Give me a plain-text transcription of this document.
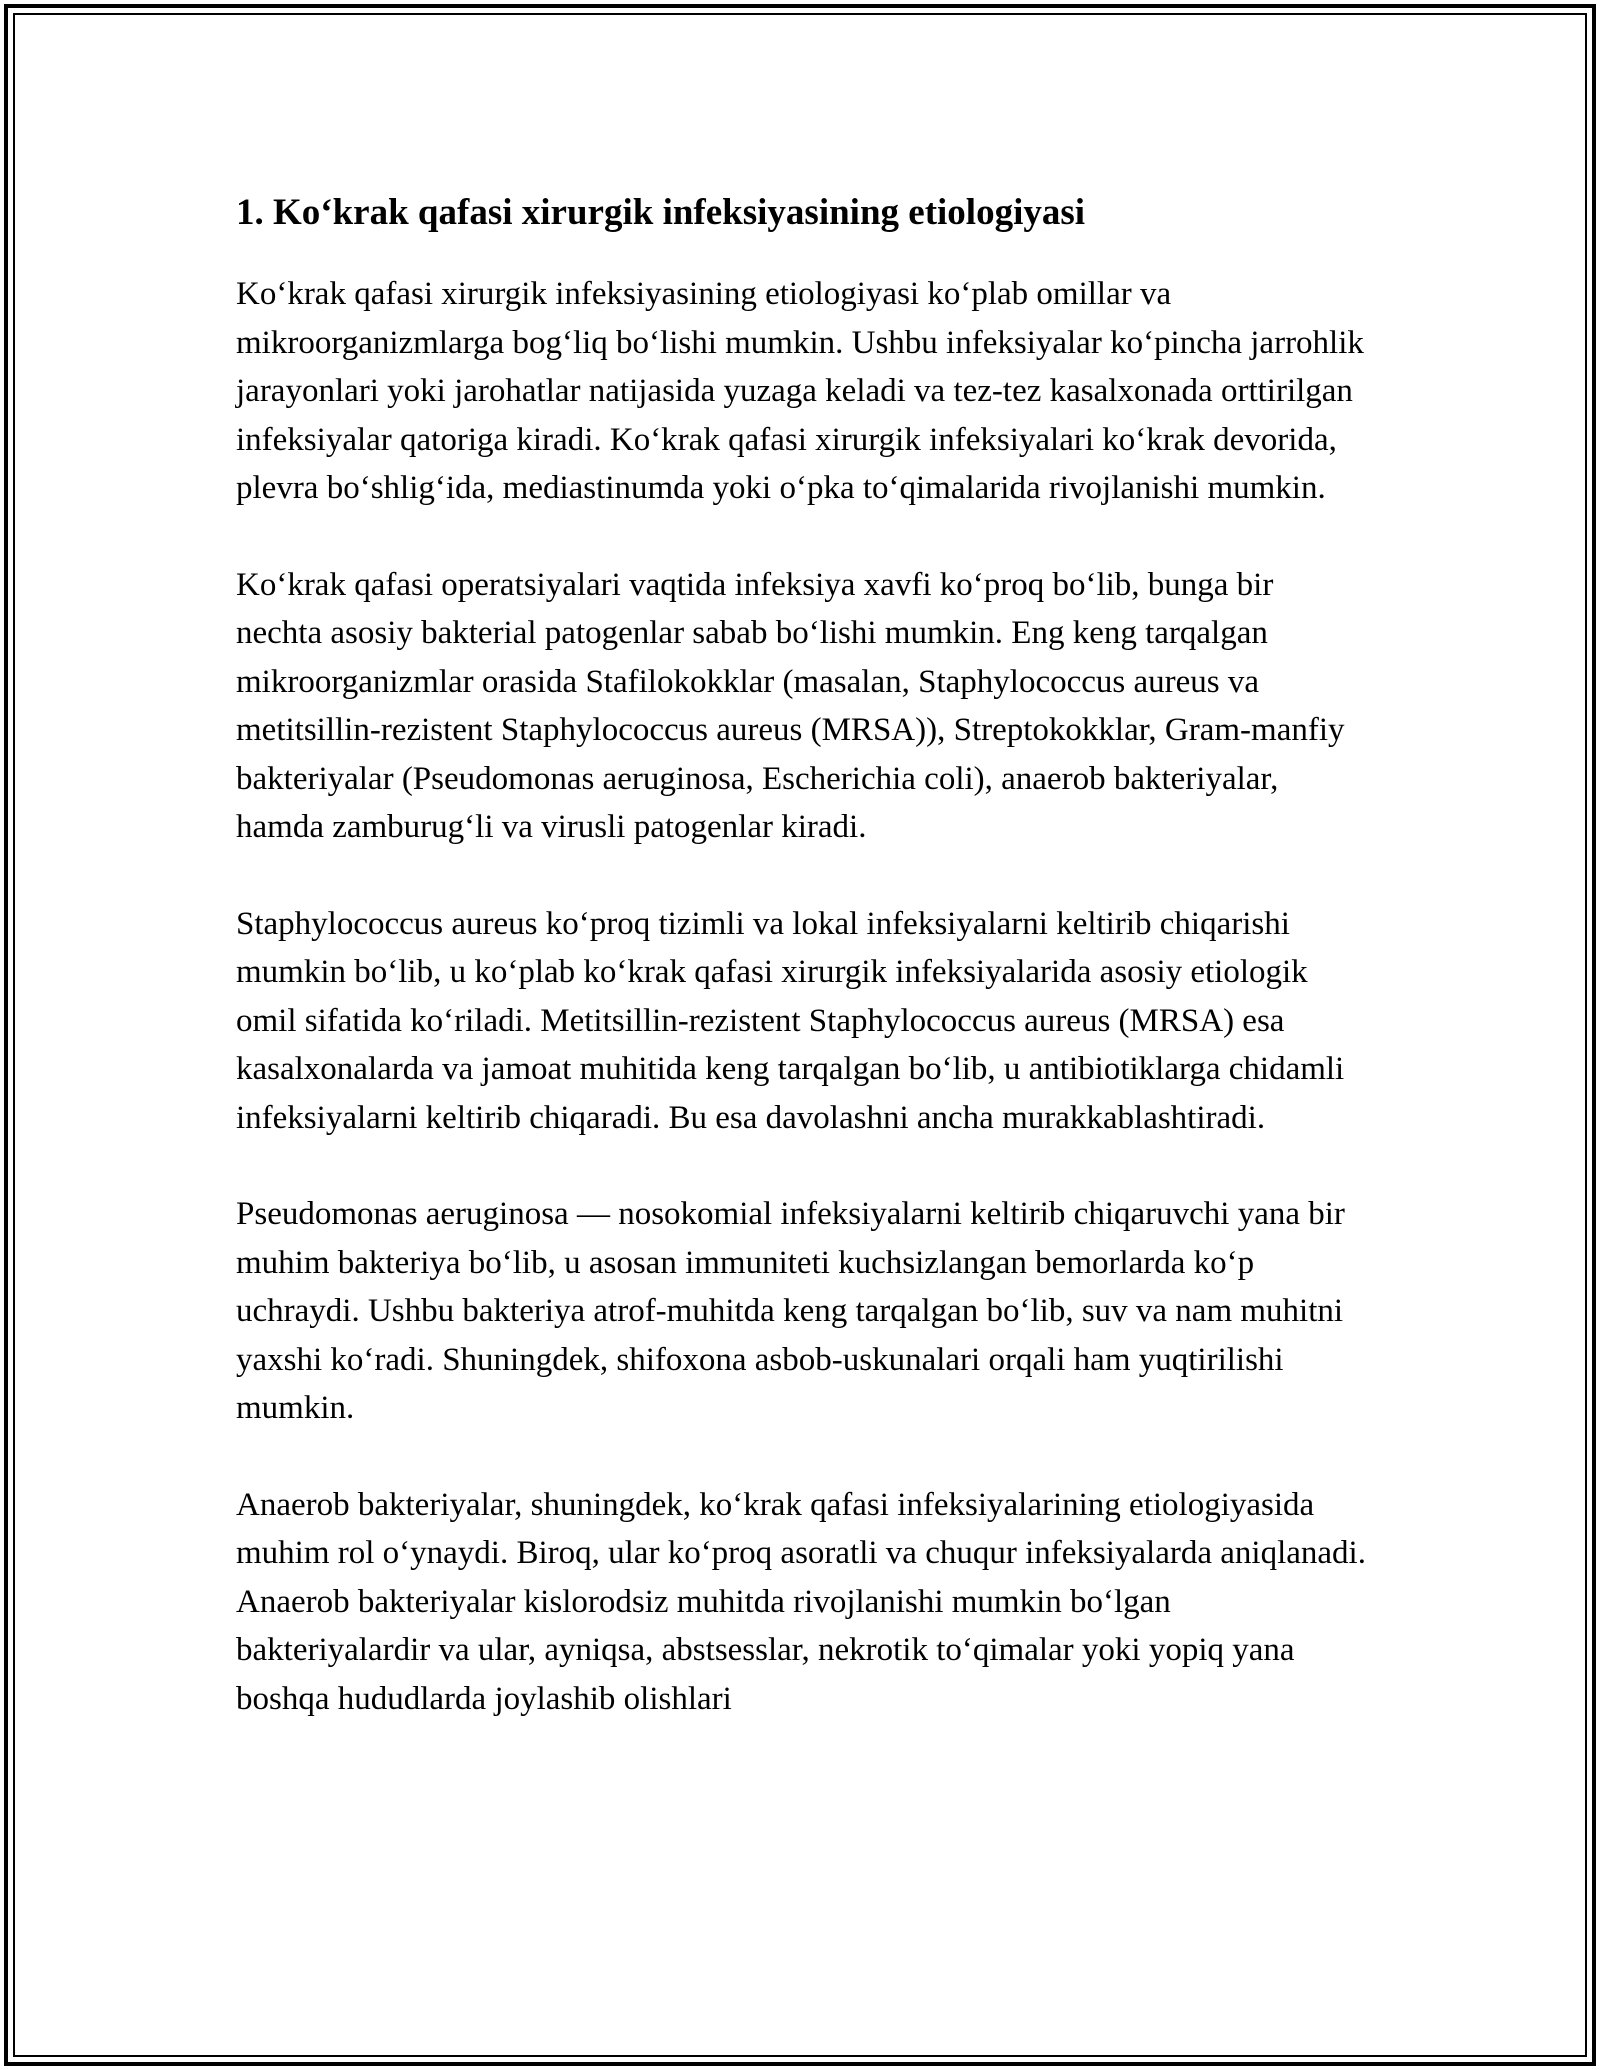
1. Ko‘krak qafasi xirurgik infeksiyasining etiologiyasi

Ko‘krak qafasi xirurgik infeksiyasining etiologiyasi ko‘plab omillar va mikroorganizmlarga bog‘liq bo‘lishi mumkin. Ushbu infeksiyalar ko‘pincha jarrohlik jarayonlari yoki jarohatlar natijasida yuzaga keladi va tez-tez kasalxonada orttirilgan infeksiyalar qatoriga kiradi. Ko‘krak qafasi xirurgik infeksiyalari ko‘krak devorida, plevra bo‘shlig‘ida, mediastinumda yoki o‘pka to‘qimalarida rivojlanishi mumkin.

Ko‘krak qafasi operatsiyalari vaqtida infeksiya xavfi ko‘proq bo‘lib, bunga bir nechta asosiy bakterial patogenlar sabab bo‘lishi mumkin. Eng keng tarqalgan mikroorganizmlar orasida Stafilokokklar (masalan, Staphylococcus aureus va metitsillin-rezistent Staphylococcus aureus (MRSA)), Streptokokklar, Gram-manfiy bakteriyalar (Pseudomonas aeruginosa, Escherichia coli), anaerob bakteriyalar, hamda zamburug‘li va virusli patogenlar kiradi.

Staphylococcus aureus ko‘proq tizimli va lokal infeksiyalarni keltirib chiqarishi mumkin bo‘lib, u ko‘plab ko‘krak qafasi xirurgik infeksiyalarida asosiy etiologik omil sifatida ko‘riladi. Metitsillin-rezistent Staphylococcus aureus (MRSA) esa kasalxonalarda va jamoat muhitida keng tarqalgan bo‘lib, u antibiotiklarga chidamli infeksiyalarni keltirib chiqaradi. Bu esa davolashni ancha murakkablashtiradi.

Pseudomonas aeruginosa — nosokomial infeksiyalarni keltirib chiqaruvchi yana bir muhim bakteriya bo‘lib, u asosan immuniteti kuchsizlangan bemorlarda ko‘p uchraydi. Ushbu bakteriya atrof-muhitda keng tarqalgan bo‘lib, suv va nam muhitni yaxshi ko‘radi. Shuningdek, shifoxona asbob-uskunalari orqali ham yuqtirilishi mumkin.

Anaerob bakteriyalar, shuningdek, ko‘krak qafasi infeksiyalarining etiologiyasida muhim rol o‘ynaydi. Biroq, ular ko‘proq asoratli va chuqur infeksiyalarda aniqlanadi. Anaerob bakteriyalar kislorodsiz muhitda rivojlanishi mumkin bo‘lgan bakteriyalardir va ular, ayniqsa, abstsesslar, nekrotik to‘qimalar yoki yopiq yana boshqa hududlarda joylashib olishlari
